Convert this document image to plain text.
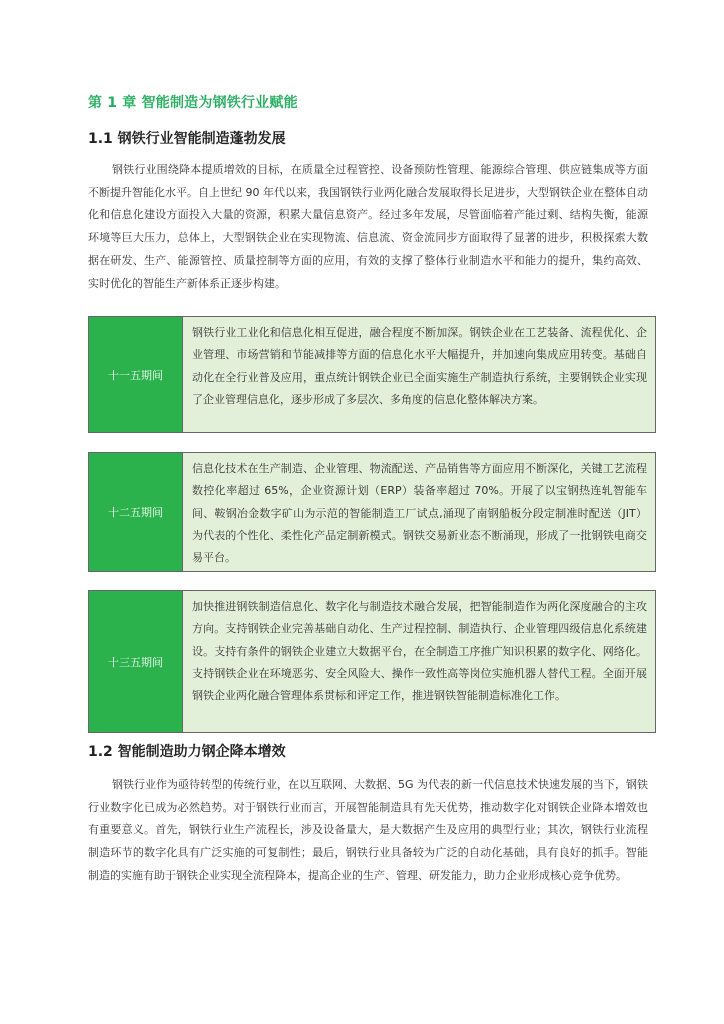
第 1 章 智能制造为钢铁行业赋能
1.1 钢铁行业智能制造蓬勃发展

钢铁行业围绕降本提质增效的目标，在质量全过程管控、设备预防性管理、能源综合管理、供应链集成等方面不断提升智能化水平。自上世纪 90 年代以来，我国钢铁行业两化融合发展取得长足进步，大型钢铁企业在整体自动化和信息化建设方面投入大量的资源，积累大量信息资产。经过多年发展，尽管面临着产能过剩、结构失衡，能源环境等巨大压力，总体上，大型钢铁企业在实现物流、信息流、资金流同步方面取得了显著的进步，积极探索大数据在研发、生产、能源管控、质量控制等方面的应用，有效的支撑了整体行业制造水平和能力的提升，集约高效、实时优化的智能生产新体系正逐步构建。

十一五期间
钢铁行业工业化和信息化相互促进，融合程度不断加深。钢铁企业在工艺装备、流程优化、企业管理、市场营销和节能减排等方面的信息化水平大幅提升，并加速向集成应用转变。基础自动化在全行业普及应用，重点统计钢铁企业已全面实施生产制造执行系统，主要钢铁企业实现了企业管理信息化，逐步形成了多层次、多角度的信息化整体解决方案。
十二五期间
信息化技术在生产制造、企业管理、物流配送、产品销售等方面应用不断深化，关键工艺流程数控化率超过 65%，企业资源计划（ERP）装备率超过 70%。开展了以宝钢热连轧智能车间、鞍钢冶金数字矿山为示范的智能制造工厂试点,涌现了南钢船板分段定制准时配送（JIT）为代表的个性化、柔性化产品定制新模式。钢铁交易新业态不断涌现，形成了一批钢铁电商交易平台。
十三五期间
加快推进钢铁制造信息化、数字化与制造技术融合发展，把智能制造作为两化深度融合的主攻方向。支持钢铁企业完善基础自动化、生产过程控制、制造执行、企业管理四级信息化系统建设。支持有条件的钢铁企业建立大数据平台，在全制造工序推广知识积累的数字化、网络化。支持钢铁企业在环境恶劣、安全风险大、操作一致性高等岗位实施机器人替代工程。全面开展钢铁企业两化融合管理体系贯标和评定工作，推进钢铁智能制造标准化工作。
1.2 智能制造助力钢企降本增效

钢铁行业作为亟待转型的传统行业，在以互联网、大数据、5G 为代表的新一代信息技术快速发展的当下，钢铁行业数字化已成为必然趋势。对于钢铁行业而言，开展智能制造具有先天优势，推动数字化对钢铁企业降本增效也有重要意义。首先，钢铁行业生产流程长，涉及设备量大，是大数据产生及应用的典型行业；其次，钢铁行业流程制造环节的数字化具有广泛实施的可复制性；最后，钢铁行业具备较为广泛的自动化基础，具有良好的抓手。智能制造的实施有助于钢铁企业实现全流程降本，提高企业的生产、管理、研发能力，助力企业形成核心竞争优势。
